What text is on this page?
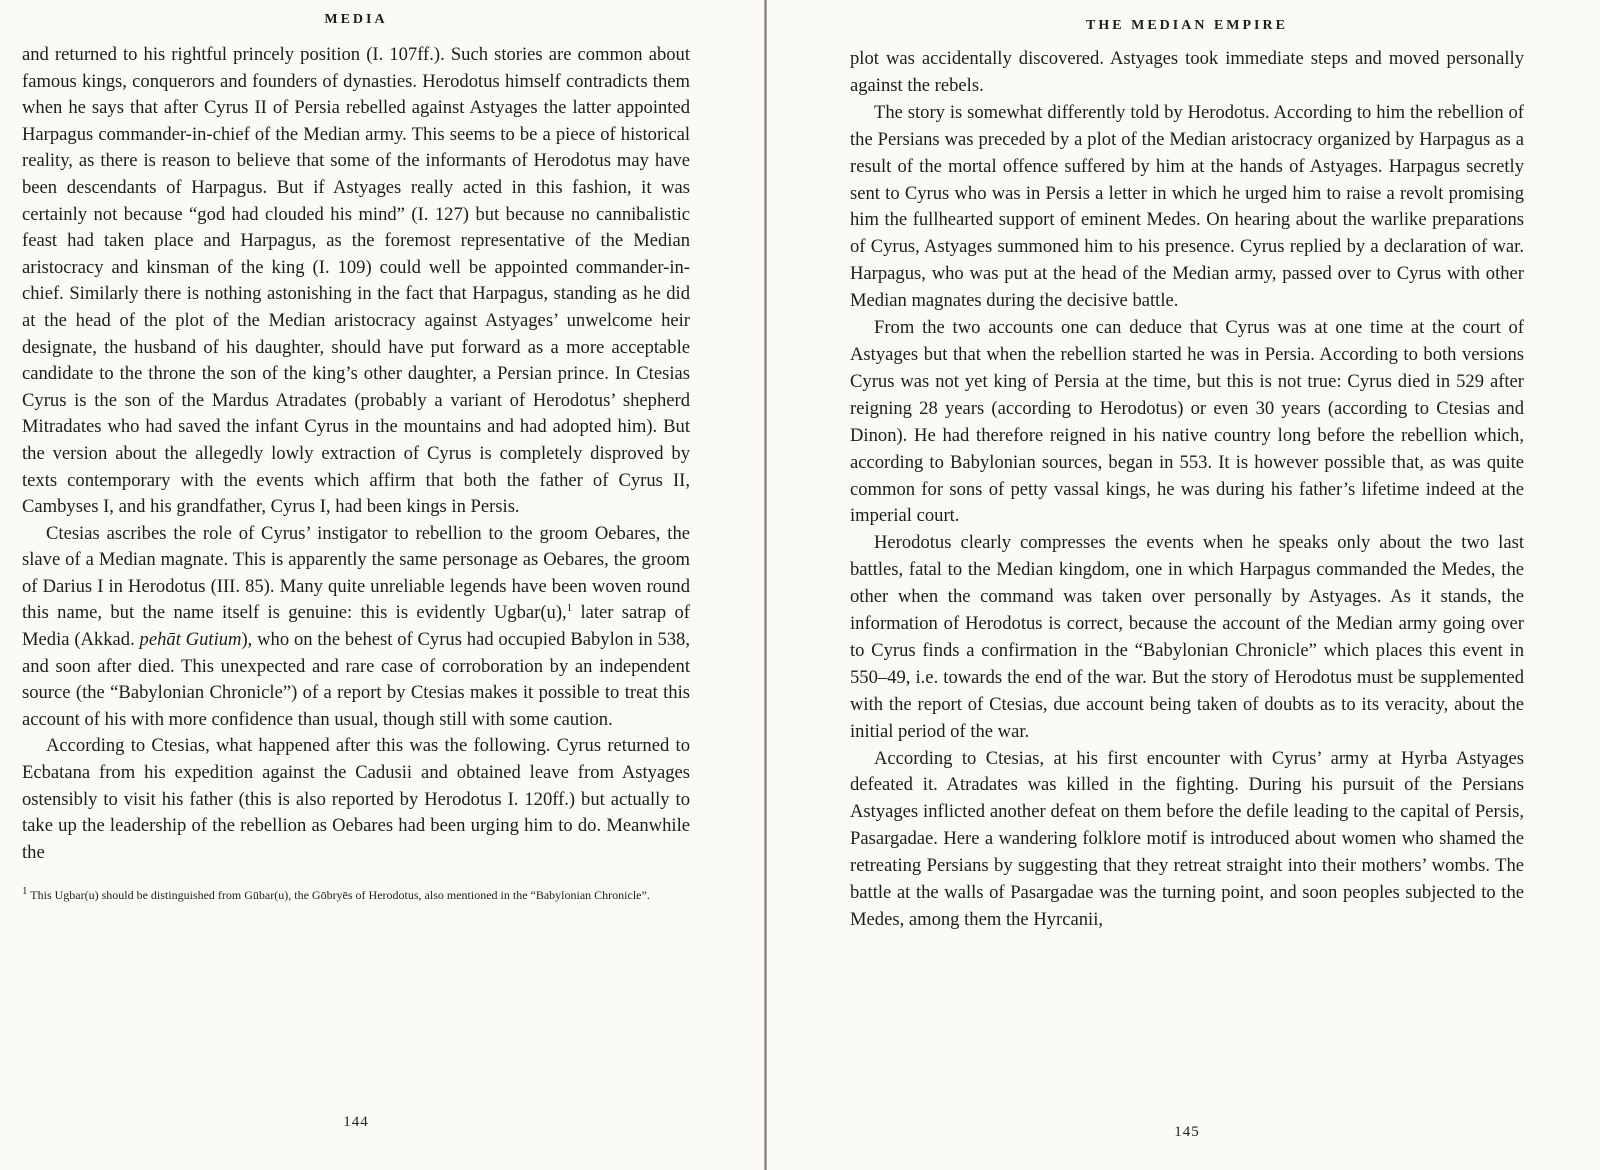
MEDIA

and returned to his rightful princely position (I. 107ff.). Such stories are common about famous kings, conquerors and founders of dynasties. Herodotus himself contradicts them when he says that after Cyrus II of Persia rebelled against Astyages the latter appointed Harpagus commander-in-chief of the Median army. This seems to be a piece of historical reality, as there is reason to believe that some of the informants of Herodotus may have been descendants of Harpagus. But if Astyages really acted in this fashion, it was certainly not because “god had clouded his mind” (I. 127) but because no cannibalistic feast had taken place and Harpagus, as the foremost representative of the Median aristocracy and kinsman of the king (I. 109) could well be appointed commander-in-chief. Similarly there is nothing astonishing in the fact that Harpagus, standing as he did at the head of the plot of the Median aristocracy against Astyages’ unwelcome heir designate, the husband of his daughter, should have put forward as a more acceptable candidate to the throne the son of the king’s other daughter, a Persian prince. In Ctesias Cyrus is the son of the Mardus Atradates (probably a variant of Herodotus’ shepherd Mitradates who had saved the infant Cyrus in the mountains and had adopted him). But the version about the allegedly lowly extraction of Cyrus is completely disproved by texts contemporary with the events which affirm that both the father of Cyrus II, Cambyses I, and his grandfather, Cyrus I, had been kings in Persis.

Ctesias ascribes the role of Cyrus’ instigator to rebellion to the groom Oebares, the slave of a Median magnate. This is apparently the same personage as Oebares, the groom of Darius I in Herodotus (III. 85). Many quite unreliable legends have been woven round this name, but the name itself is genuine: this is evidently Ugbar(u),$^1$ later satrap of Media (Akkad. pehāt Gutium), who on the behest of Cyrus had occupied Babylon in 538, and soon after died. This unexpected and rare case of corroboration by an independent source (the “Babylonian Chronicle”) of a report by Ctesias makes it possible to treat this account of his with more confidence than usual, though still with some caution.

According to Ctesias, what happened after this was the following. Cyrus returned to Ecbatana from his expedition against the Cadusii and obtained leave from Astyages ostensibly to visit his father (this is also reported by Herodotus I. 120ff.) but actually to take up the leadership of the rebellion as Oebares had been urging him to do. Meanwhile the

$^1$ This Ugbar(u) should be distinguished from Gūbar(u), the Gōbryēs of Herodotus, also mentioned in the “Babylonian Chronicle”.
144
THE MEDIAN EMPIRE

plot was accidentally discovered. Astyages took immediate steps and moved personally against the rebels.

The story is somewhat differently told by Herodotus. According to him the rebellion of the Persians was preceded by a plot of the Median aristocracy organized by Harpagus as a result of the mortal offence suffered by him at the hands of Astyages. Harpagus secretly sent to Cyrus who was in Persis a letter in which he urged him to raise a revolt promising him the fullhearted support of eminent Medes. On hearing about the warlike preparations of Cyrus, Astyages summoned him to his presence. Cyrus replied by a declaration of war. Harpagus, who was put at the head of the Median army, passed over to Cyrus with other Median magnates during the decisive battle.

From the two accounts one can deduce that Cyrus was at one time at the court of Astyages but that when the rebellion started he was in Persia. According to both versions Cyrus was not yet king of Persia at the time, but this is not true: Cyrus died in 529 after reigning 28 years (according to Herodotus) or even 30 years (according to Ctesias and Dinon). He had therefore reigned in his native country long before the rebellion which, according to Babylonian sources, began in 553. It is however possible that, as was quite common for sons of petty vassal kings, he was during his father’s lifetime indeed at the imperial court.

Herodotus clearly compresses the events when he speaks only about the two last battles, fatal to the Median kingdom, one in which Harpagus commanded the Medes, the other when the command was taken over personally by Astyages. As it stands, the information of Herodotus is correct, because the account of the Median army going over to Cyrus finds a confirmation in the “Babylonian Chronicle” which places this event in 550–49, i.e. towards the end of the war. But the story of Herodotus must be supplemented with the report of Ctesias, due account being taken of doubts as to its veracity, about the initial period of the war.

According to Ctesias, at his first encounter with Cyrus’ army at Hyrba Astyages defeated it. Atradates was killed in the fighting. During his pursuit of the Persians Astyages inflicted another defeat on them before the defile leading to the capital of Persis, Pasargadae. Here a wandering folklore motif is introduced about women who shamed the retreating Persians by suggesting that they retreat straight into their mothers’ wombs. The battle at the walls of Pasargadae was the turning point, and soon peoples subjected to the Medes, among them the Hyrcanii,

145
